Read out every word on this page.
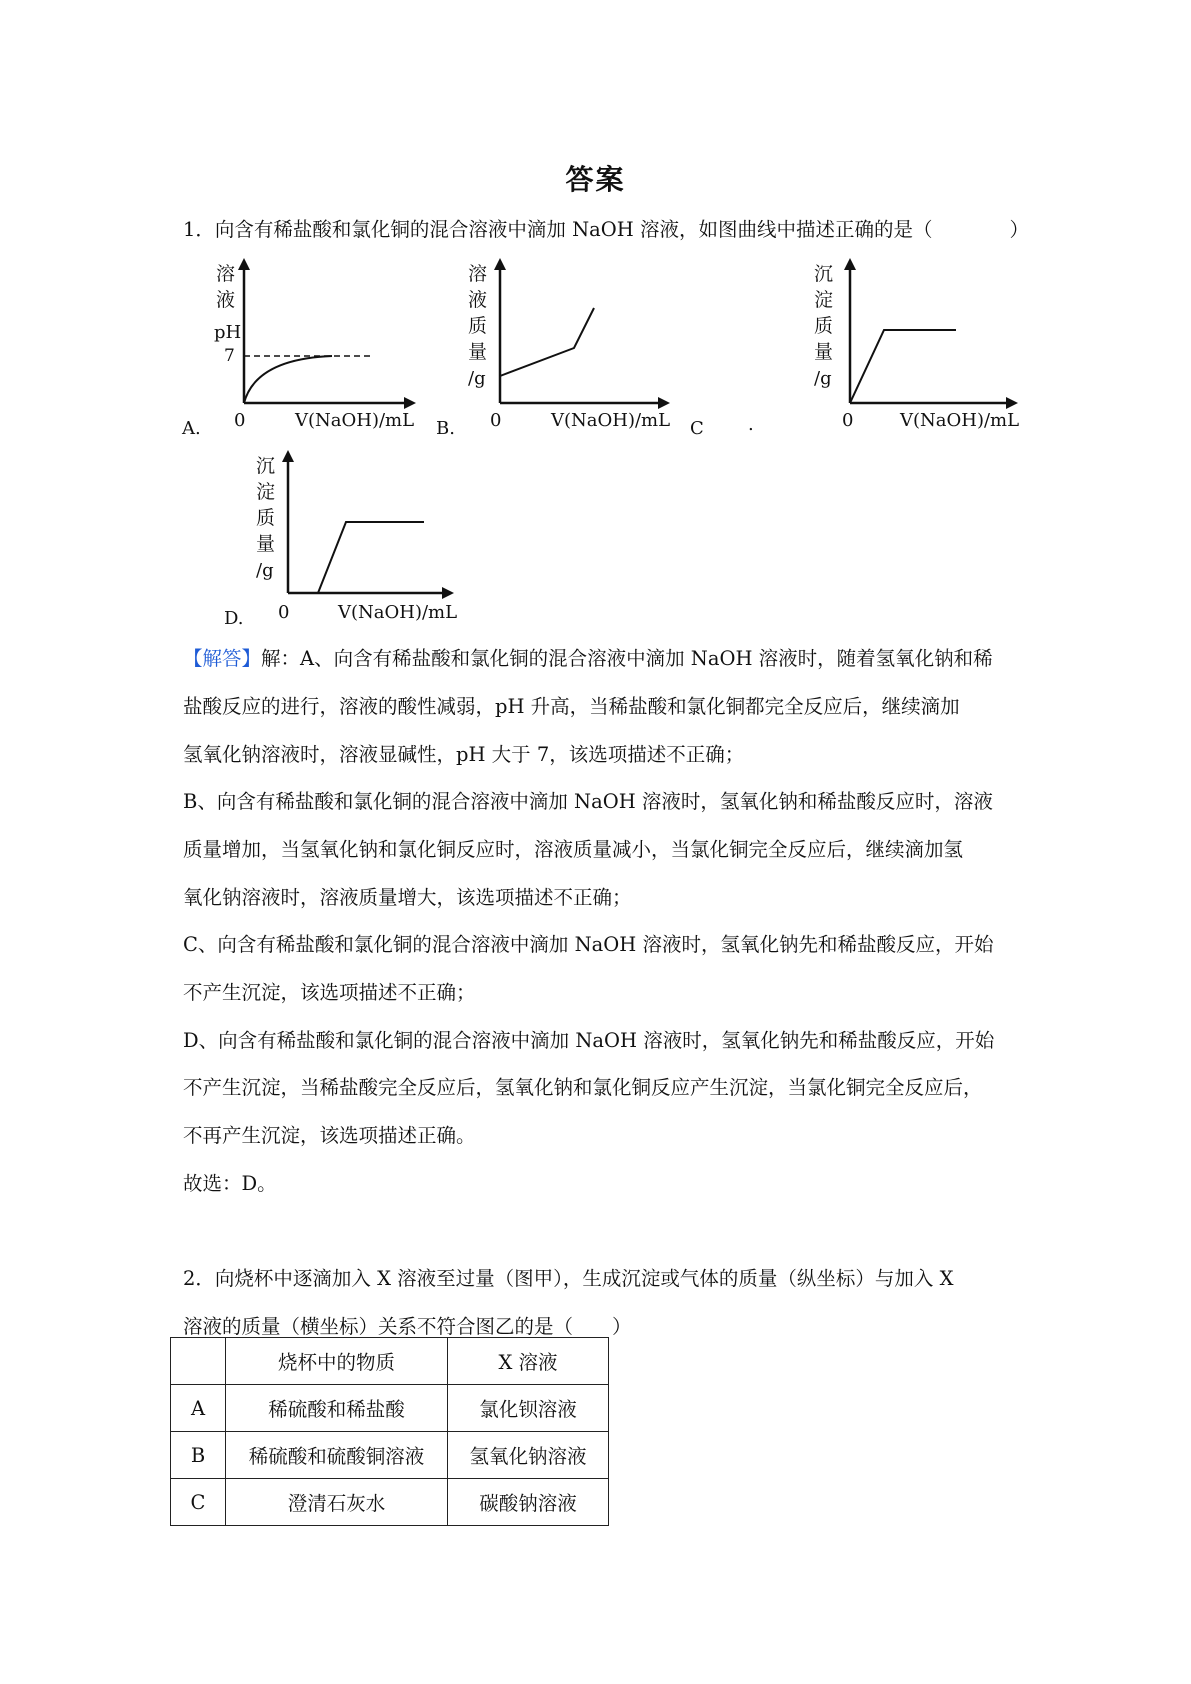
答案
1．向含有稀盐酸和氯化铜的混合溶液中滴加 NaOH 溶液，如图曲线中描述正确的是（	）
A.	B.	C .
D.
溶
液
pH
7
0	V(NaOH)/mL
溶
液
质
量
/g
0	V(NaOH)/mL
沉
淀
质
量
/g
0	V(NaOH)/mL
沉
淀
质
量
/g
0	V(NaOH)/mL
【解答】解：A、向含有稀盐酸和氯化铜的混合溶液中滴加 NaOH 溶液时，随着氢氧化钠和稀
盐酸反应的进行，溶液的酸性减弱，pH 升高，当稀盐酸和氯化铜都完全反应后，继续滴加
氢氧化钠溶液时，溶液显碱性，pH 大于 7，该选项描述不正确；
B、向含有稀盐酸和氯化铜的混合溶液中滴加 NaOH 溶液时，氢氧化钠和稀盐酸反应时，溶液
质量增加，当氢氧化钠和氯化铜反应时，溶液质量减小，当氯化铜完全反应后，继续滴加氢
氧化钠溶液时，溶液质量增大，该选项描述不正确；
C、向含有稀盐酸和氯化铜的混合溶液中滴加 NaOH 溶液时，氢氧化钠先和稀盐酸反应，开始
不产生沉淀，该选项描述不正确；
D、向含有稀盐酸和氯化铜的混合溶液中滴加 NaOH 溶液时，氢氧化钠先和稀盐酸反应，开始
不产生沉淀，当稀盐酸完全反应后，氢氧化钠和氯化铜反应产生沉淀，当氯化铜完全反应后，
不再产生沉淀，该选项描述正确。
故选：D。
2．向烧杯中逐滴加入 X 溶液至过量（图甲），生成沉淀或气体的质量（纵坐标）与加入 X
溶液的质量（横坐标）关系不符合图乙的是（　　）
	烧杯中的物质	X 溶液
A	稀硫酸和稀盐酸	氯化钡溶液
B	稀硫酸和硫酸铜溶液	氢氧化钠溶液
C	澄清石灰水	碳酸钠溶液
